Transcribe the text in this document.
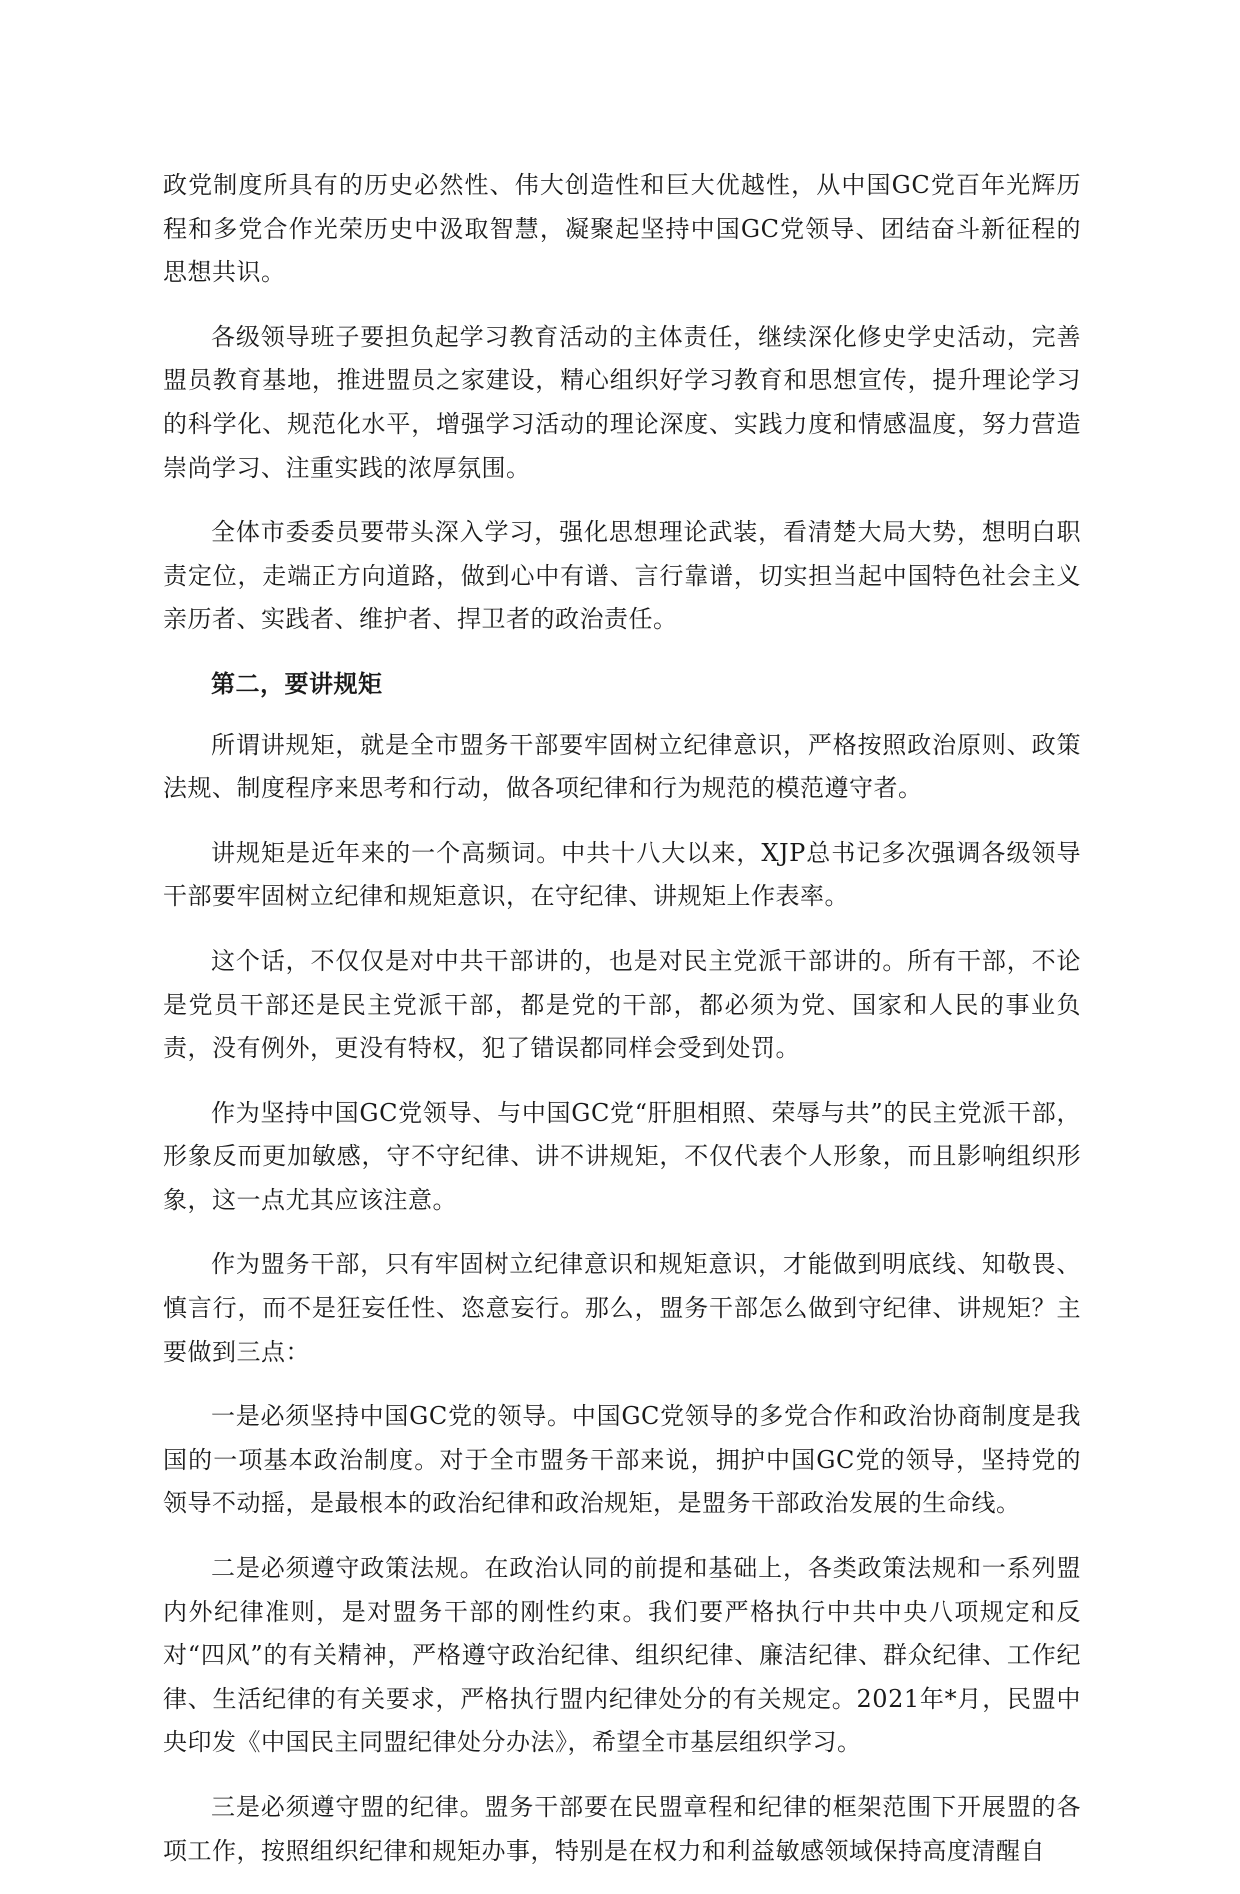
政党制度所具有的历史必然性、伟大创造性和巨大优越性，从中国GC党百年光辉历程和多党合作光荣历史中汲取智慧，凝聚起坚持中国GC党领导、团结奋斗新征程的思想共识。

各级领导班子要担负起学习教育活动的主体责任，继续深化修史学史活动，完善盟员教育基地，推进盟员之家建设，精心组织好学习教育和思想宣传，提升理论学习的科学化、规范化水平，增强学习活动的理论深度、实践力度和情感温度，努力营造崇尚学习、注重实践的浓厚氛围。

全体市委委员要带头深入学习，强化思想理论武装，看清楚大局大势，想明白职责定位，走端正方向道路，做到心中有谱、言行靠谱，切实担当起中国特色社会主义亲历者、实践者、维护者、捍卫者的政治责任。

第二，要讲规矩

所谓讲规矩，就是全市盟务干部要牢固树立纪律意识，严格按照政治原则、政策法规、制度程序来思考和行动，做各项纪律和行为规范的模范遵守者。

讲规矩是近年来的一个高频词。中共十八大以来，XJP总书记多次强调各级领导干部要牢固树立纪律和规矩意识，在守纪律、讲规矩上作表率。

这个话，不仅仅是对中共干部讲的，也是对民主党派干部讲的。所有干部，不论是党员干部还是民主党派干部，都是党的干部，都必须为党、国家和人民的事业负责，没有例外，更没有特权，犯了错误都同样会受到处罚。

作为坚持中国GC党领导、与中国GC党“肝胆相照、荣辱与共”的民主党派干部，形象反而更加敏感，守不守纪律、讲不讲规矩，不仅代表个人形象，而且影响组织形象，这一点尤其应该注意。

作为盟务干部，只有牢固树立纪律意识和规矩意识，才能做到明底线、知敬畏、慎言行，而不是狂妄任性、恣意妄行。那么，盟务干部怎么做到守纪律、讲规矩？主要做到三点：

一是必须坚持中国GC党的领导。中国GC党领导的多党合作和政治协商制度是我国的一项基本政治制度。对于全市盟务干部来说，拥护中国GC党的领导，坚持党的领导不动摇，是最根本的政治纪律和政治规矩，是盟务干部政治发展的生命线。

二是必须遵守政策法规。在政治认同的前提和基础上，各类政策法规和一系列盟内外纪律准则，是对盟务干部的刚性约束。我们要严格执行中共中央八项规定和反对“四风”的有关精神，严格遵守政治纪律、组织纪律、廉洁纪律、群众纪律、工作纪律、生活纪律的有关要求，严格执行盟内纪律处分的有关规定。2021年*月，民盟中央印发《中国民主同盟纪律处分办法》，希望全市基层组织学习。

三是必须遵守盟的纪律。盟务干部要在民盟章程和纪律的框架范围下开展盟的各项工作，按照组织纪律和规矩办事，特别是在权力和利益敏感领域保持高度清醒自
